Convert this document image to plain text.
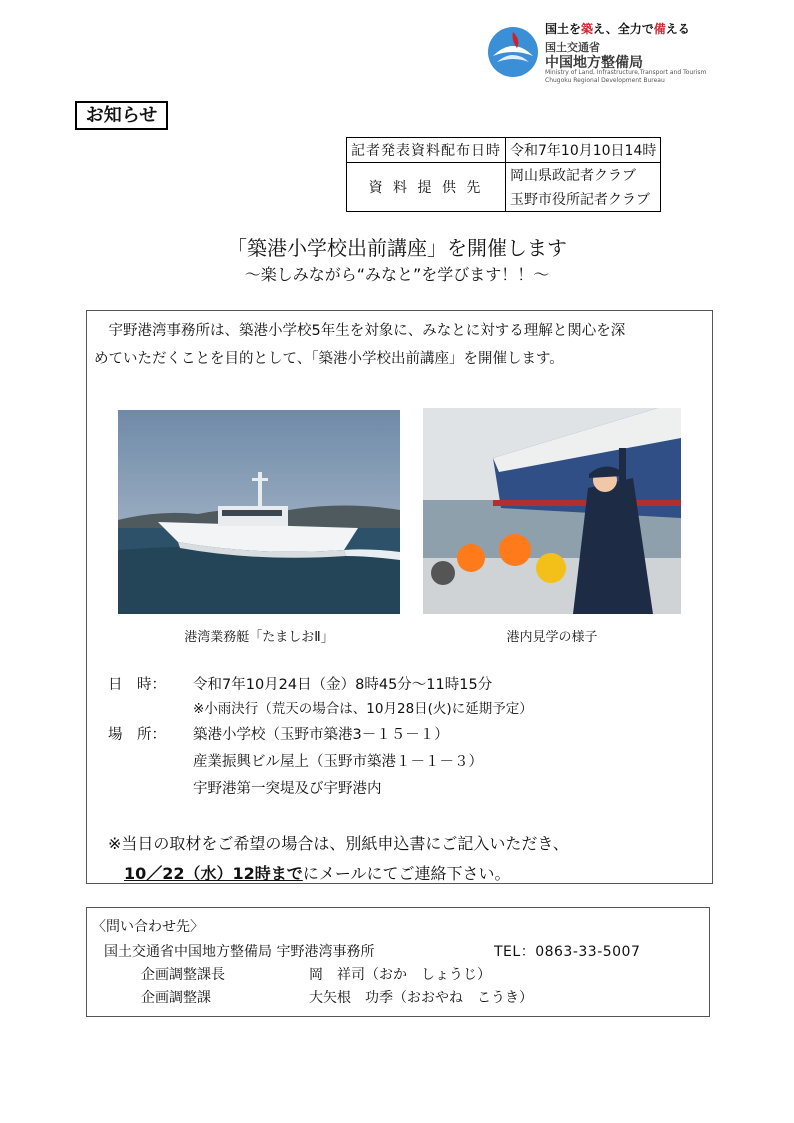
国土を築え、全力で備える
国土交通省
中国地方整備局
Ministry of Land, Infrastructure,Transport and Tourism
Chugoku Regional Development Bureau
お知らせ
記者発表資料配布日時	令和7年10月10日14時
資 料 提 供 先	岡山県政記者クラブ
	玉野市役所記者クラブ
「築港小学校出前講座」を開催します
～楽しみながら“みなと”を学びます！！～
　宇野港湾事務所は、築港小学校5年生を対象に、みなとに対する理解と関心を深
めていただくことを目的として、「築港小学校出前講座」を開催します。
港湾業務艇「たましおⅡ」	港内見学の様子
日　時： 令和7年10月24日（金）8時45分～11時15分
※小雨決行（荒天の場合は、10月28日(火)に延期予定）
場　所： 築港小学校（玉野市築港3－１５－１）
産業振興ビル屋上（玉野市築港１－１－３）
宇野港第一突堤及び宇野港内
※当日の取材をご希望の場合は、別紙申込書にご記入いただき、
10／22（水）12時までにメールにてご連絡下さい。
〈問い合わせ先〉
国土交通省中国地方整備局 宇野港湾事務所	TEL：0863-33-5007
企画調整課長	岡　祥司（おか　しょうじ）
企画調整課	大矢根　功季（おおやね　こうき）
